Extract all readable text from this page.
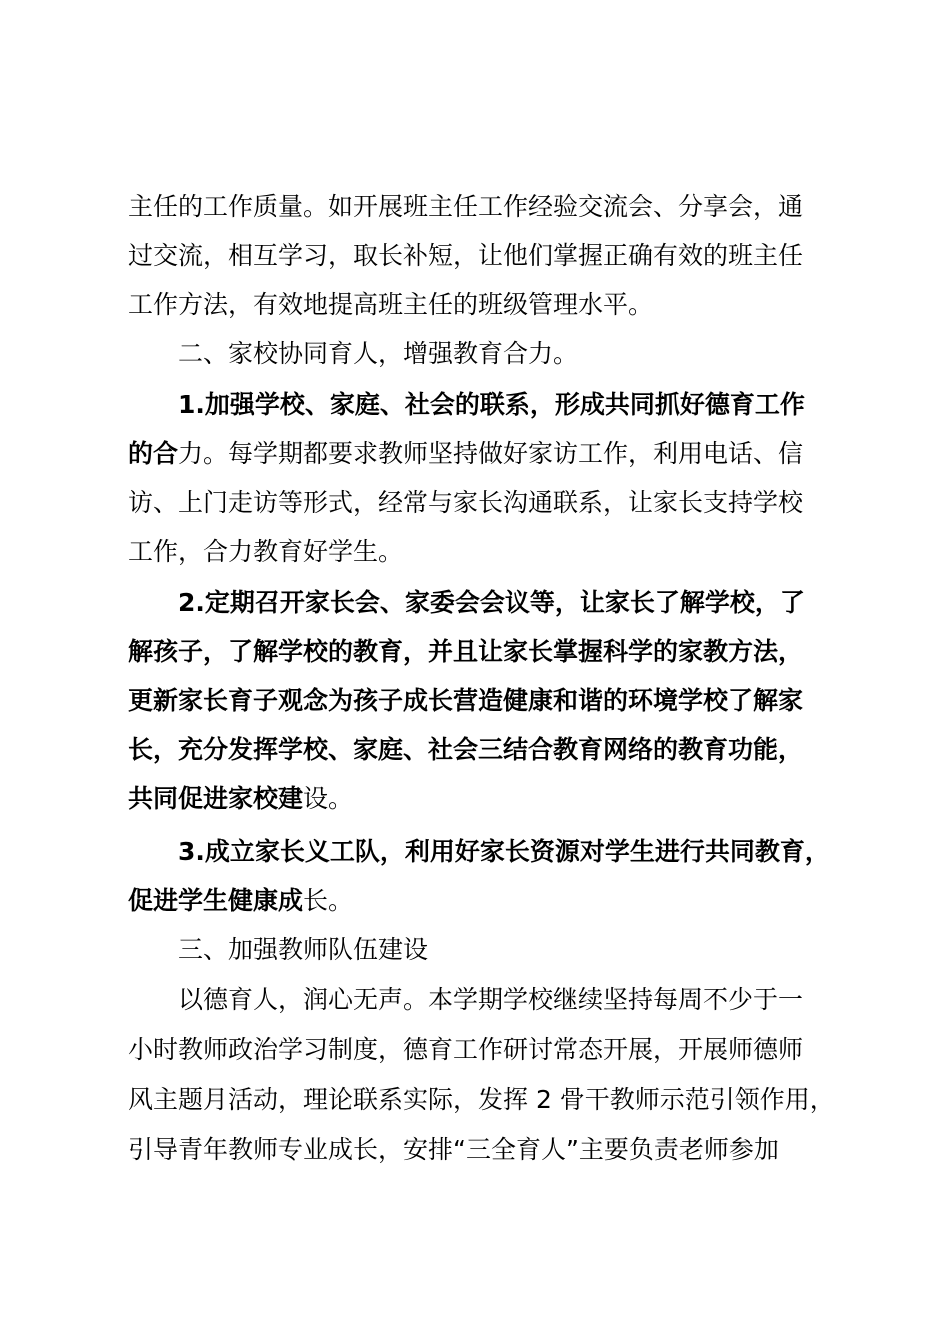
主任的工作质量。如开展班主任工作经验交流会、分享会，通
过交流，相互学习，取长补短，让他们掌握正确有效的班主任
工作方法，有效地提高班主任的班级管理水平。
二、家校协同育人，增强教育合力。
1.加强学校、家庭、社会的联系，形成共同抓好德育工作
的合力。每学期都要求教师坚持做好家访工作，利用电话、信
访、上门走访等形式，经常与家长沟通联系，让家长支持学校
工作，合力教育好学生。
2.定期召开家长会、家委会会议等，让家长了解学校，了
解孩子，了解学校的教育，并且让家长掌握科学的家教方法，
更新家长育子观念为孩子成长营造健康和谐的环境学校了解家
长，充分发挥学校、家庭、社会三结合教育网络的教育功能，
共同促进家校建设。
3.成立家长义工队，利用好家长资源对学生进行共同教育，
促进学生健康成长。
三、加强教师队伍建设
以德育人，润心无声。本学期学校继续坚持每周不少于一
小时教师政治学习制度，德育工作研讨常态开展，开展师德师
风主题月活动，理论联系实际，发挥 2 骨干教师示范引领作用，
引导青年教师专业成长，安排“三全育人”主要负责老师参加
